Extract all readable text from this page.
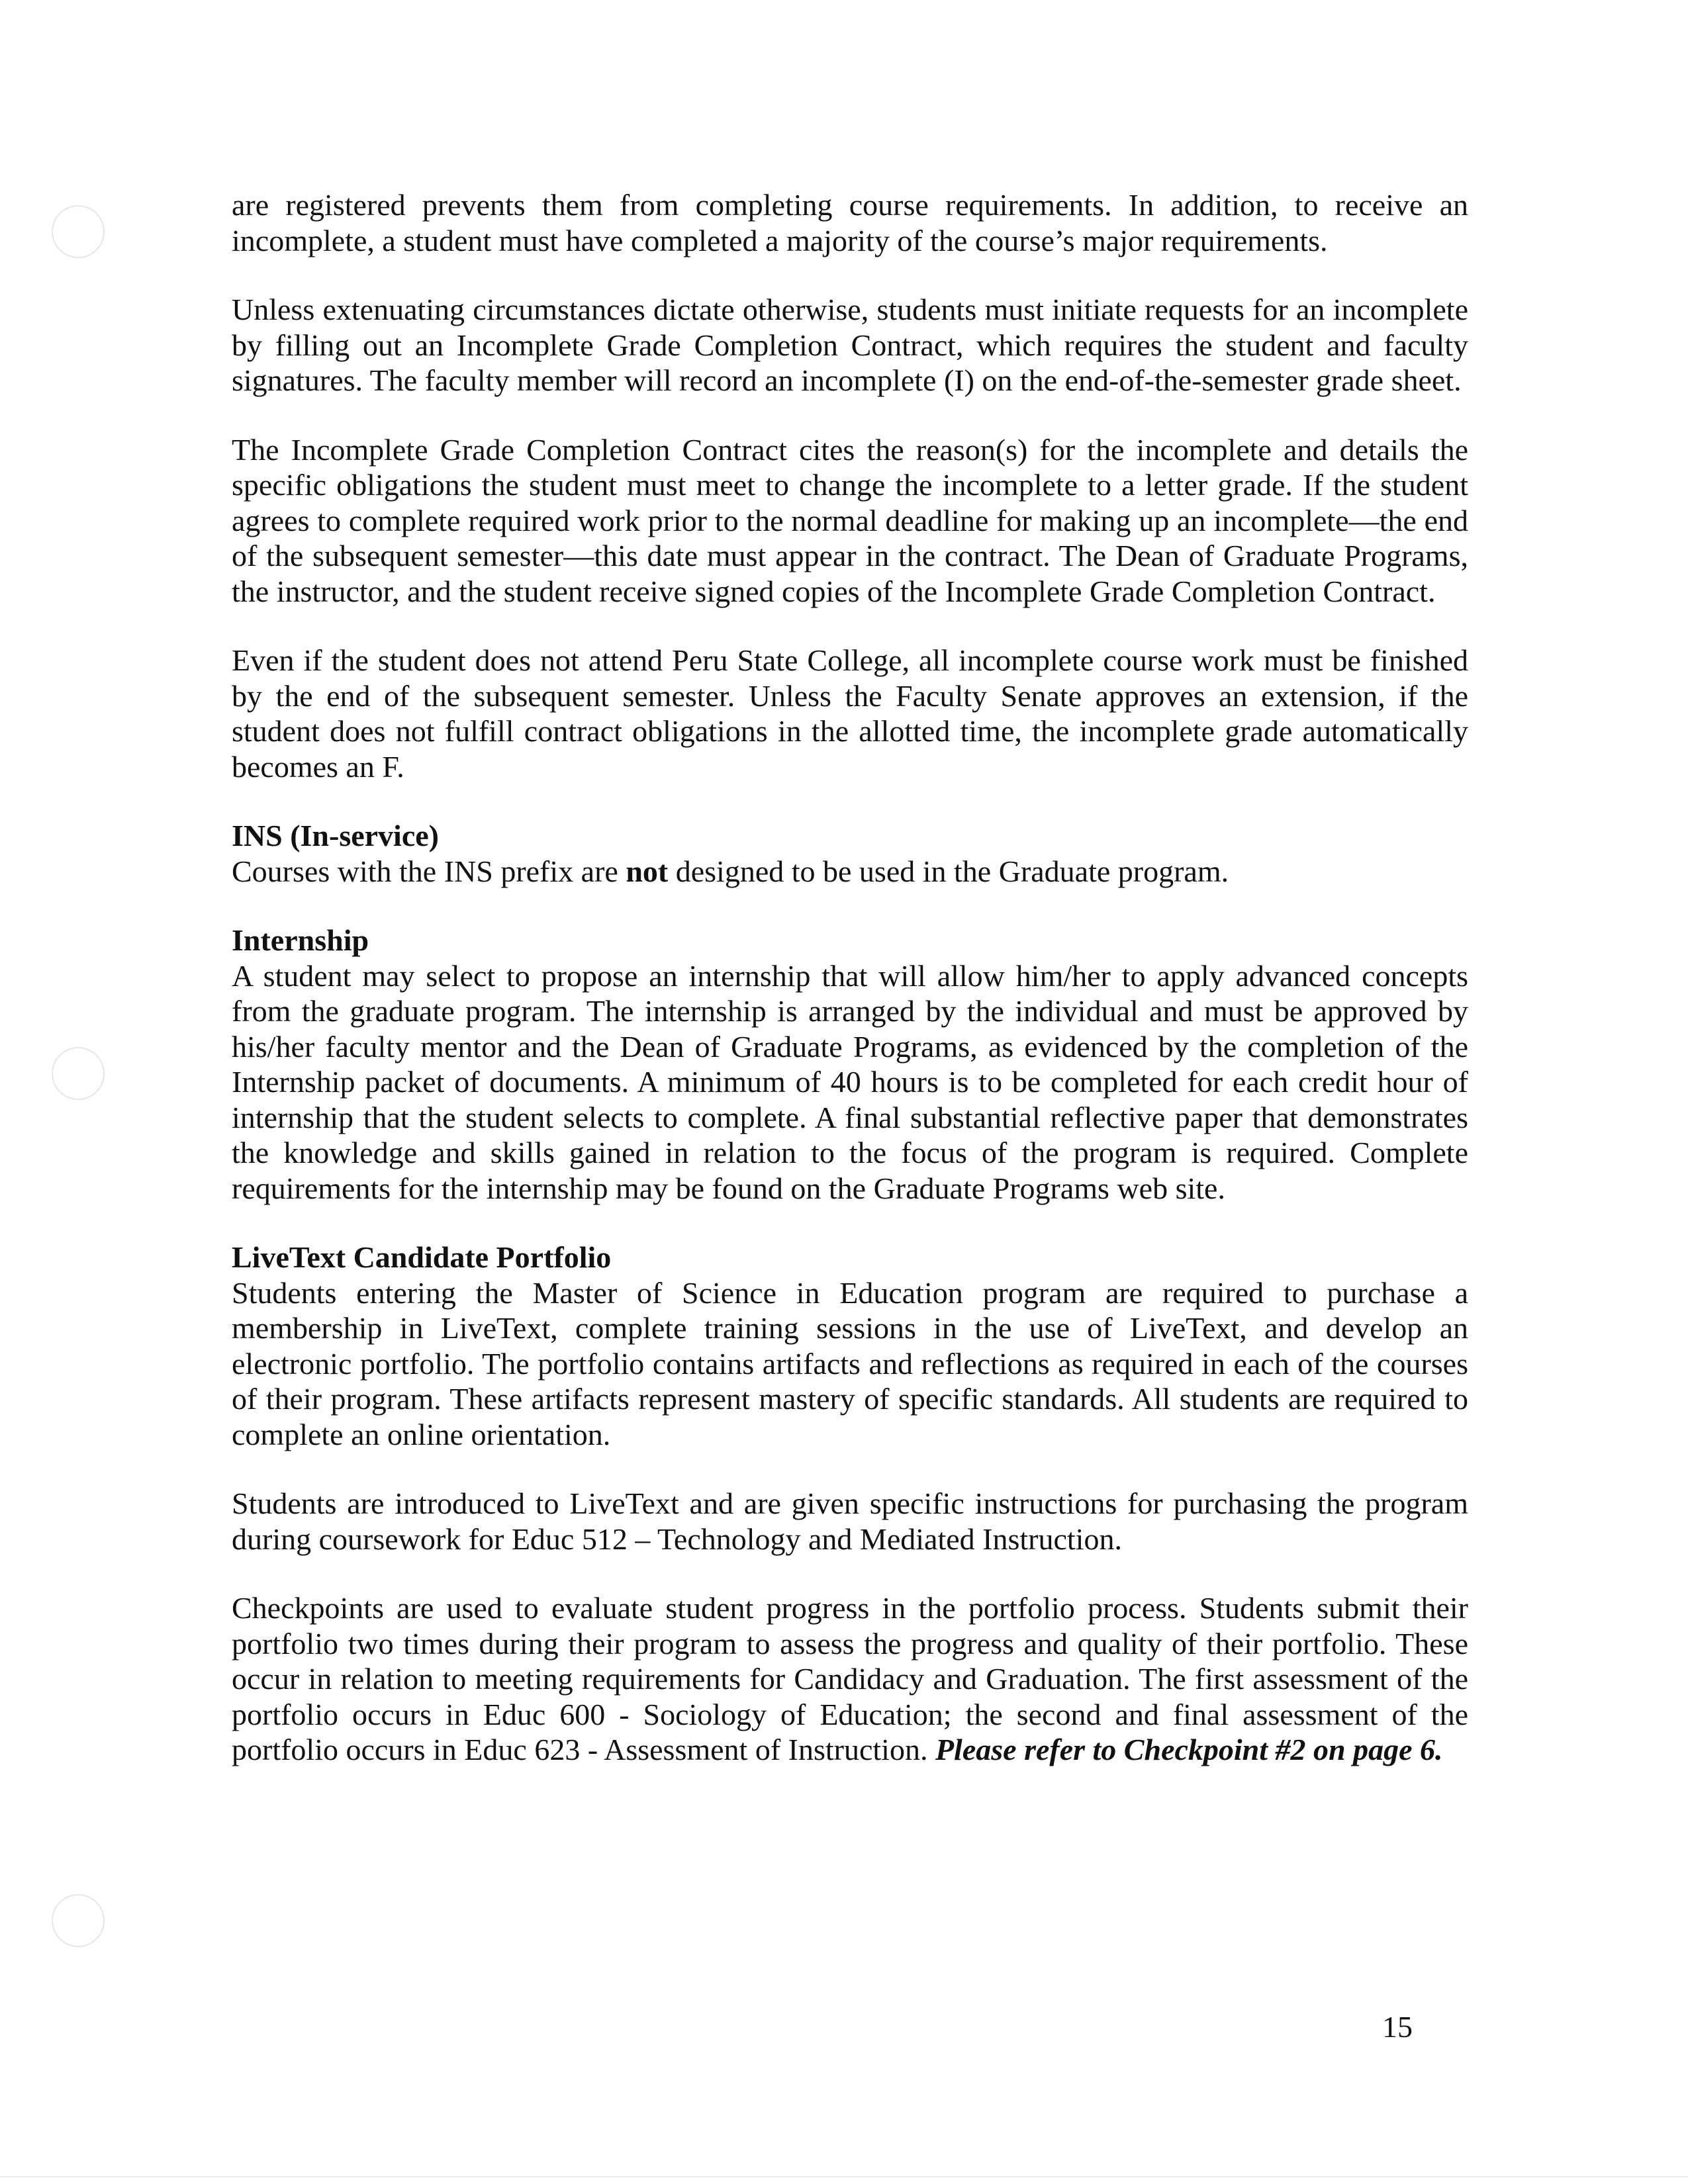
are registered prevents them from completing course requirements. In addition, to receive an incomplete, a student must have completed a majority of the course’s major requirements.

Unless extenuating circumstances dictate otherwise, students must initiate requests for an incomplete by filling out an Incomplete Grade Completion Contract, which requires the student and faculty signatures. The faculty member will record an incomplete (I) on the end-of-the-semester grade sheet.

The Incomplete Grade Completion Contract cites the reason(s) for the incomplete and details the specific obligations the student must meet to change the incomplete to a letter grade. If the student agrees to complete required work prior to the normal deadline for making up an incomplete—the end of the subsequent semester—this date must appear in the contract. The Dean of Graduate Programs, the instructor, and the student receive signed copies of the Incomplete Grade Completion Contract.

Even if the student does not attend Peru State College, all incomplete course work must be finished by the end of the subsequent semester. Unless the Faculty Senate approves an extension, if the student does not fulfill contract obligations in the allotted time, the incomplete grade automatically becomes an F.

INS (In-service)

Courses with the INS prefix are not designed to be used in the Graduate program.

Internship

A student may select to propose an internship that will allow him/her to apply advanced concepts from the graduate program. The internship is arranged by the individual and must be approved by his/her faculty mentor and the Dean of Graduate Programs, as evidenced by the completion of the Internship packet of documents. A minimum of 40 hours is to be completed for each credit hour of internship that the student selects to complete. A final substantial reflective paper that demonstrates the knowledge and skills gained in relation to the focus of the program is required. Complete requirements for the internship may be found on the Graduate Programs web site.

LiveText Candidate Portfolio

Students entering the Master of Science in Education program are required to purchase a membership in LiveText, complete training sessions in the use of LiveText, and develop an electronic portfolio. The portfolio contains artifacts and reflections as required in each of the courses of their program. These artifacts represent mastery of specific standards. All students are required to complete an online orientation.

Students are introduced to LiveText and are given specific instructions for purchasing the program during coursework for Educ 512 – Technology and Mediated Instruction.

Checkpoints are used to evaluate student progress in the portfolio process. Students submit their portfolio two times during their program to assess the progress and quality of their portfolio. These occur in relation to meeting requirements for Candidacy and Graduation. The first assessment of the portfolio occurs in Educ 600 - Sociology of Education; the second and final assessment of the portfolio occurs in Educ 623 - Assessment of Instruction. Please refer to Checkpoint #2 on page 6.

15
